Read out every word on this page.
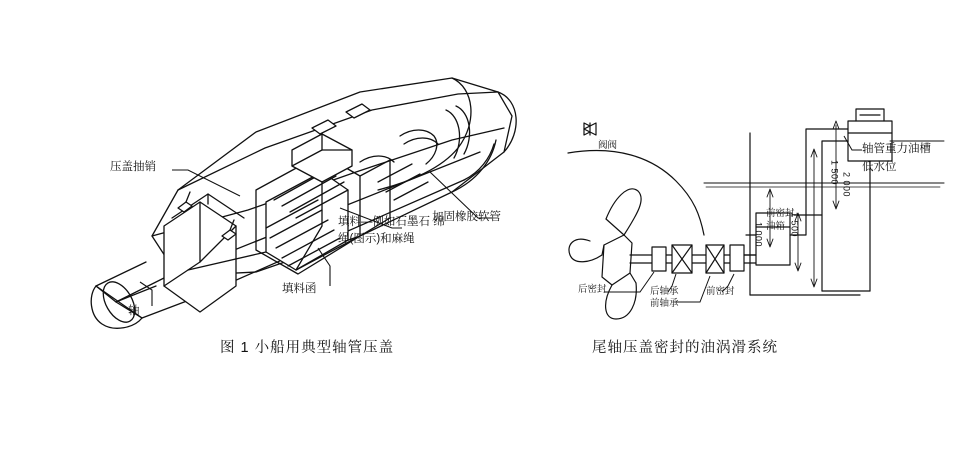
压盖抽销
加固橡胶软管
填料—例如石墨石 绵
绳(图示)和麻绳
填料函
轴
图 1 小船用典型轴管压盖
阀阀	轴管重力油槽
低水位
前密封
油箱
后密封	后轴承
前轴承
前密封
1 500 2 000
1 000	1 500
尾轴压盖密封的油涡滑系统
